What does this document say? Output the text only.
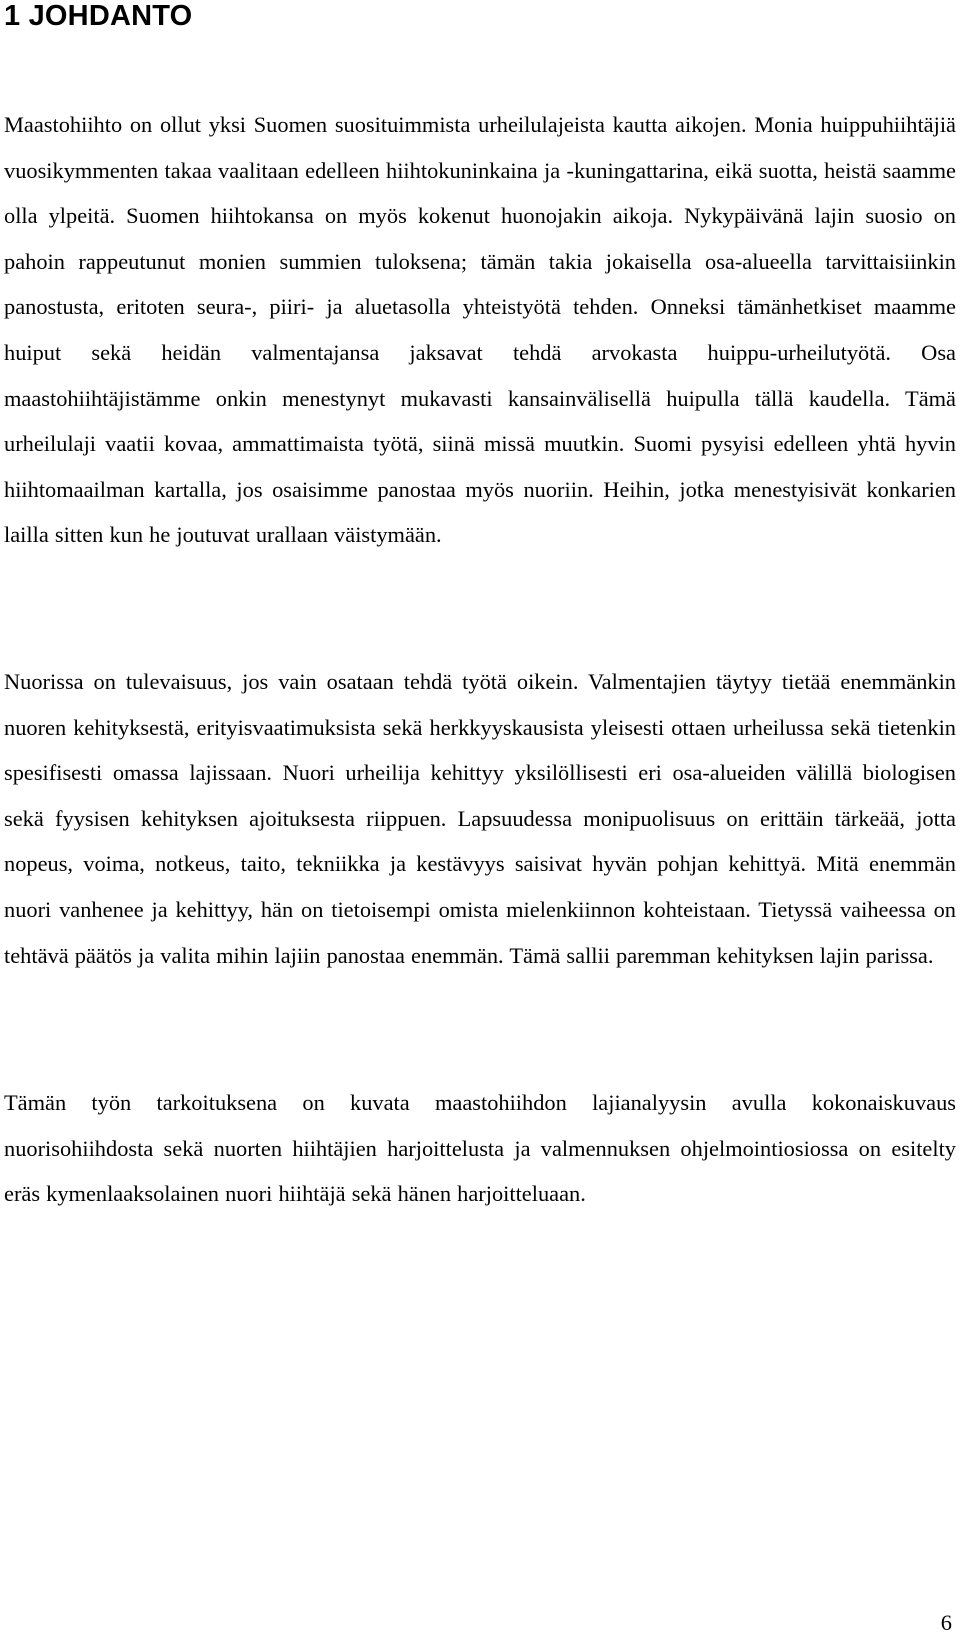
1 JOHDANTO

Maastohiihto on ollut yksi Suomen suosituimmista urheilulajeista kautta aikojen. Monia huippuhiihtäjiä vuosikymmenten takaa vaalitaan edelleen hiihtokuninkaina ja -kuningattarina, eikä suotta, heistä saamme olla ylpeitä. Suomen hiihtokansa on myös kokenut huonojakin aikoja. Nykypäivänä lajin suosio on pahoin rappeutunut monien summien tuloksena; tämän takia jokaisella osa-alueella tarvittaisiinkin panostusta, eritoten seura-, piiri- ja aluetasolla yhteistyötä tehden. Onneksi tämänhetkiset maamme huiput sekä heidän valmentajansa jaksavat tehdä arvokasta huippu-urheilutyötä. Osa maastohiihtäjistämme onkin menestynyt mukavasti kansainvälisellä huipulla tällä kaudella. Tämä urheilulaji vaatii kovaa, ammattimaista työtä, siinä missä muutkin. Suomi pysyisi edelleen yhtä hyvin hiihtomaailman kartalla, jos osaisimme panostaa myös nuoriin. Heihin, jotka menestyisivät konkarien lailla sitten kun he joutuvat urallaan väistymään.

Nuorissa on tulevaisuus, jos vain osataan tehdä työtä oikein. Valmentajien täytyy tietää enemmänkin nuoren kehityksestä, erityisvaatimuksista sekä herkkyyskausista yleisesti ottaen urheilussa sekä tietenkin spesifisesti omassa lajissaan. Nuori urheilija kehittyy yksilöllisesti eri osa-alueiden välillä biologisen sekä fyysisen kehityksen ajoituksesta riippuen. Lapsuudessa monipuolisuus on erittäin tärkeää, jotta nopeus, voima, notkeus, taito, tekniikka ja kestävyys saisivat hyvän pohjan kehittyä. Mitä enemmän nuori vanhenee ja kehittyy, hän on tietoisempi omista mielenkiinnon kohteistaan. Tietyssä vaiheessa on tehtävä päätös ja valita mihin lajiin panostaa enemmän. Tämä sallii paremman kehityksen lajin parissa.

Tämän työn tarkoituksena on kuvata maastohiihdon lajianalyysin avulla kokonaiskuvaus nuorisohiihdosta sekä nuorten hiihtäjien harjoittelusta ja valmennuksen ohjelmointiosiossa on esitelty eräs kymenlaaksolainen nuori hiihtäjä sekä hänen harjoitteluaan.

6
